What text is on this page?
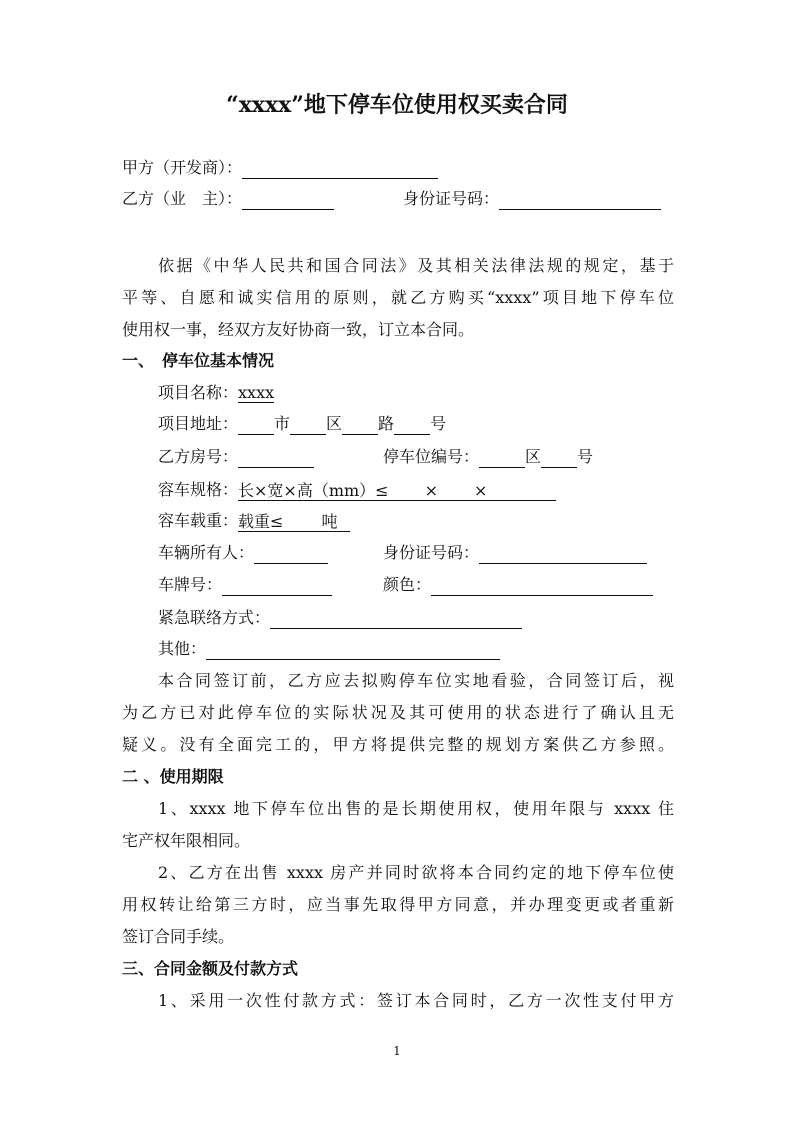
“xxxx”地下停车位使用权买卖合同
甲方（开发商）：
乙方（业　主）：	身份证号码：
依据《中华人民共和国合同法》及其相关法律法规的规定，基于
平等、自愿和诚实信用的原则，就乙方购买“xxxx”项目地下停车位
使用权一事，经双方友好协商一致，订立本合同。
一、　停车位基本情况
项目名称：xxxx
项目地址： 市 区 路 号
乙方房号：	停车位编号：	区 号
容车规格：长×宽×高（mm）≤ × ×
容车载重：载重≤ 吨
车辆所有人：	身份证号码：
车牌号：	颜色：
紧急联络方式：
其他：
本合同签订前，乙方应去拟购停车位实地看验，合同签订后，视
为乙方已对此停车位的实际状况及其可使用的状态进行了确认且无
疑义。没有全面完工的，甲方将提供完整的规划方案供乙方参照。
二 、使用期限
1、xxxx 地下停车位出售的是长期使用权，使用年限与 xxxx 住
宅产权年限相同。
2、乙方在出售 xxxx 房产并同时欲将本合同约定的地下停车位使
用权转让给第三方时，应当事先取得甲方同意，并办理变更或者重新
签订合同手续。
三、合同金额及付款方式
1、采用一次性付款方式：签订本合同时，乙方一次性支付甲方
1
